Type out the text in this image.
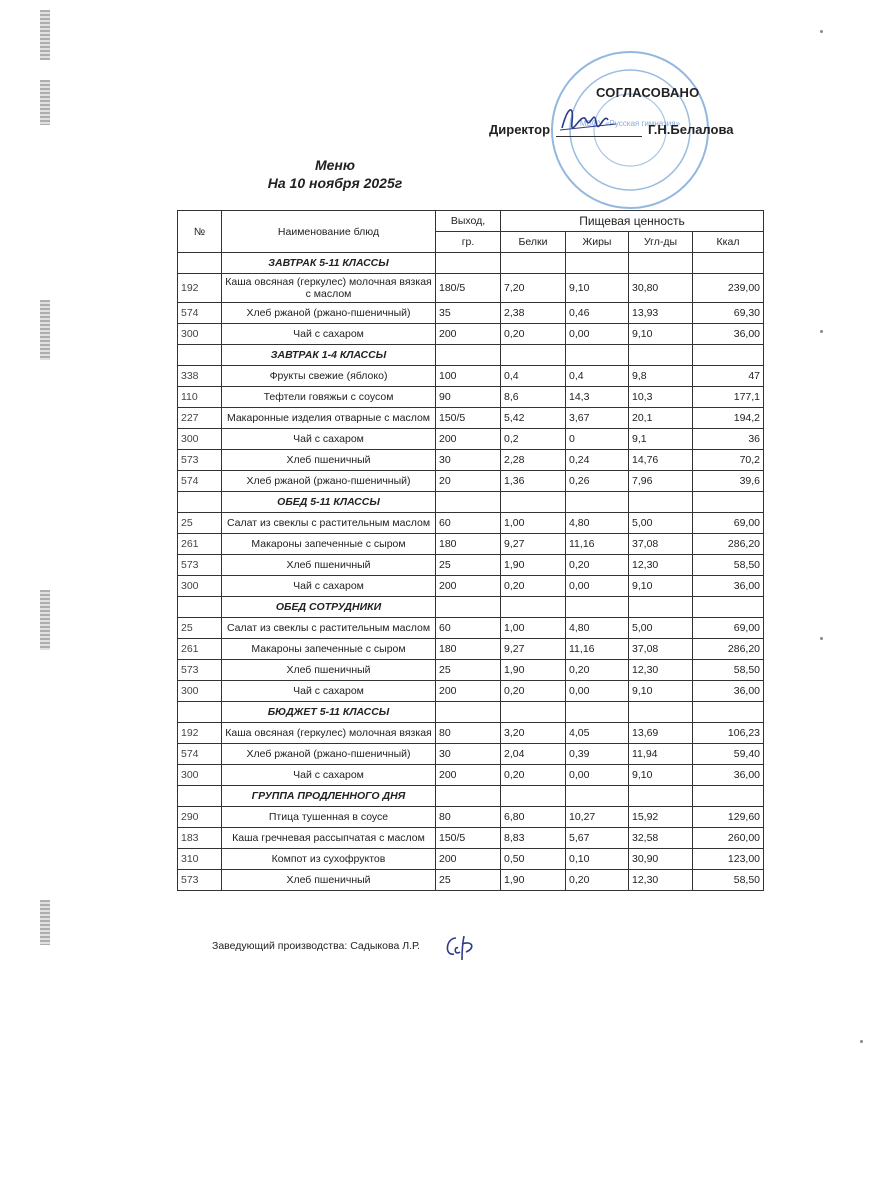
МБОУ «Русская гимназия»
СОГЛАСОВАНО
Директор	Г.Н.Белалова
Меню
На 10 ноября 2025г
№	Наименование блюд	Выход,	Пищевая ценность			
		гр.	Белки	Жиры	Угл-ды	Ккал
	ЗАВТРАК 5-11 КЛАССЫ					
192	Каша овсяная (геркулес) молочная вязкая с маслом	180/5	7,20	9,10	30,80	239,00
574	Хлеб ржаной (ржано-пшеничный)	35	2,38	0,46	13,93	69,30
300	Чай с сахаром	200	0,20	0,00	9,10	36,00
	ЗАВТРАК 1-4 КЛАССЫ					
338	Фрукты свежие (яблоко)	100	0,4	0,4	9,8	47
110	Тефтели говяжьи с соусом	90	8,6	14,3	10,3	177,1
227	Макаронные изделия отварные с маслом	150/5	5,42	3,67	20,1	194,2
300	Чай с сахаром	200	0,2	0	9,1	36
573	Хлеб пшеничный	30	2,28	0,24	14,76	70,2
574	Хлеб ржаной (ржано-пшеничный)	20	1,36	0,26	7,96	39,6
	ОБЕД 5-11 КЛАССЫ					
25	Салат из свеклы с растительным маслом	60	1,00	4,80	5,00	69,00
261	Макароны запеченные с сыром	180	9,27	11,16	37,08	286,20
573	Хлеб пшеничный	25	1,90	0,20	12,30	58,50
300	Чай с сахаром	200	0,20	0,00	9,10	36,00
	ОБЕД СОТРУДНИКИ					
25	Салат из свеклы с растительным маслом	60	1,00	4,80	5,00	69,00
261	Макароны запеченные с сыром	180	9,27	11,16	37,08	286,20
573	Хлеб пшеничный	25	1,90	0,20	12,30	58,50
300	Чай с сахаром	200	0,20	0,00	9,10	36,00
	БЮДЖЕТ 5-11 КЛАССЫ					
192	Каша овсяная (геркулес) молочная вязкая	80	3,20	4,05	13,69	106,23
574	Хлеб ржаной (ржано-пшеничный)	30	2,04	0,39	11,94	59,40
300	Чай с сахаром	200	0,20	0,00	9,10	36,00
	ГРУППА ПРОДЛЕННОГО ДНЯ					
290	Птица тушенная в соусе	80	6,80	10,27	15,92	129,60
183	Каша гречневая рассыпчатая с маслом	150/5	8,83	5,67	32,58	260,00
310	Компот из сухофруктов	200	0,50	0,10	30,90	123,00
573	Хлеб пшеничный	25	1,90	0,20	12,30	58,50
Заведующий производства: Садыкова Л.Р.
